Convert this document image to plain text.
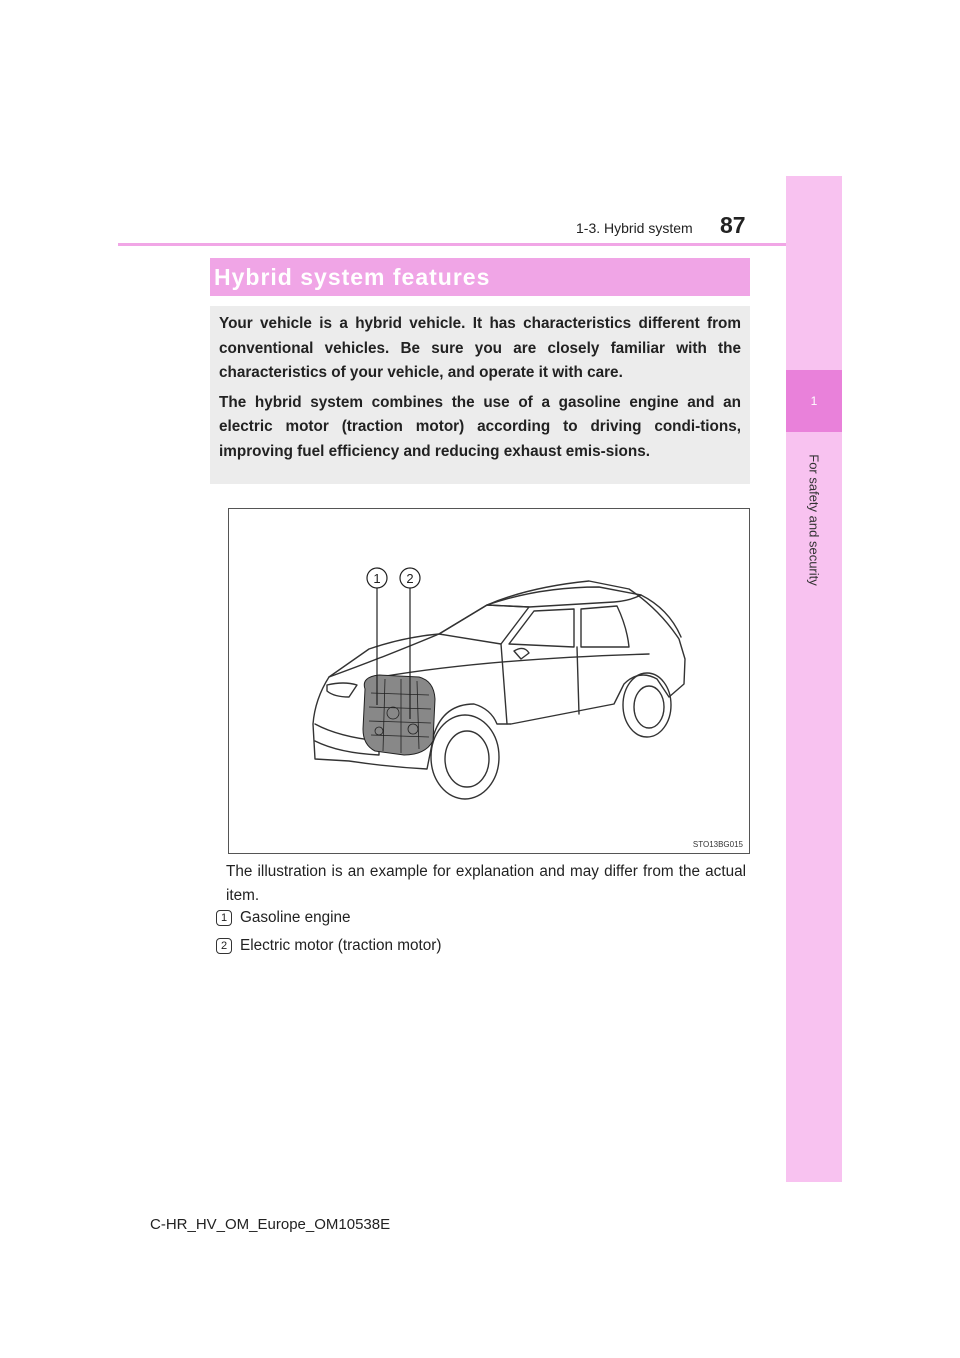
1
For safety and security
1-3. Hybrid system 87
Hybrid system features

Your vehicle is a hybrid vehicle. It has characteristics different from conventional vehicles. Be sure you are closely familiar with the characteristics of your vehicle, and operate it with care.

The hybrid system combines the use of a gasoline engine and an electric motor (traction motor) according to driving condi-tions, improving fuel efficiency and reducing exhaust emis-sions.

1 2
STO13BG015
The illustration is an example for explanation and may differ from the actual item.
1 Gasoline engine
2 Electric motor (traction motor)
C-HR_HV_OM_Europe_OM10538E
